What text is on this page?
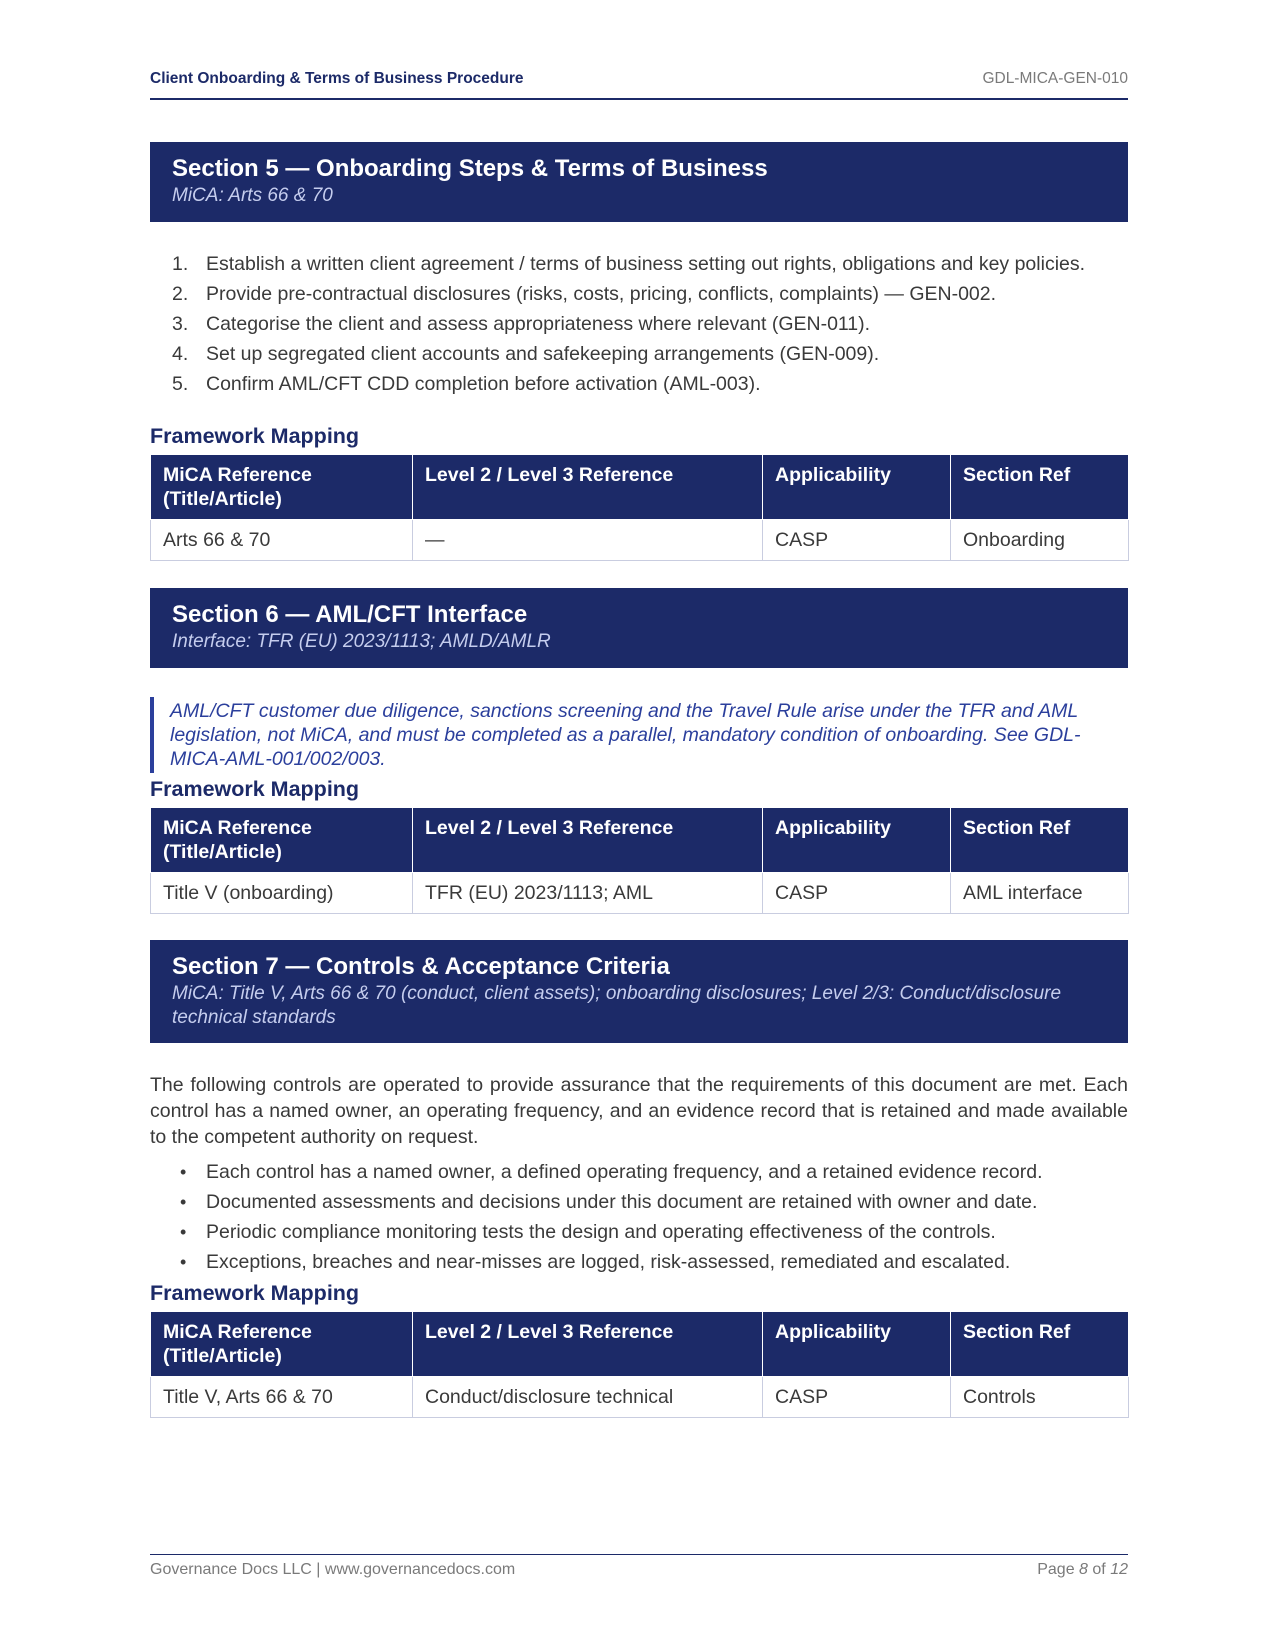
Client Onboarding & Terms of Business Procedure	GDL-MICA-GEN-010
Section 5 — Onboarding Steps & Terms of Business
MiCA: Arts 66 & 70
1. Establish a written client agreement / terms of business setting out rights, obligations and key policies.
2. Provide pre-contractual disclosures (risks, costs, pricing, conflicts, complaints) — GEN-002.
3. Categorise the client and assess appropriateness where relevant (GEN-011).
4. Set up segregated client accounts and safekeeping arrangements (GEN-009).
5. Confirm AML/CFT CDD completion before activation (AML-003).
Framework Mapping
MiCA Reference (Title/Article)	Level 2 / Level 3 Reference	Applicability	Section Ref
Arts 66 & 70	—	CASP	Onboarding
Section 6 — AML/CFT Interface
Interface: TFR (EU) 2023/1113; AMLD/AMLR
AML/CFT customer due diligence, sanctions screening and the Travel Rule arise under the TFR and AML legislation, not MiCA, and must be completed as a parallel, mandatory condition of onboarding. See GDL-MICA-AML-001/002/003.
Framework Mapping
MiCA Reference (Title/Article)	Level 2 / Level 3 Reference	Applicability	Section Ref
Title V (onboarding)	TFR (EU) 2023/1113; AML	CASP	AML interface
Section 7 — Controls & Acceptance Criteria
MiCA: Title V, Arts 66 & 70 (conduct, client assets); onboarding disclosures; Level 2/3: Conduct/disclosure technical standards

The following controls are operated to provide assurance that the requirements of this document are met. Each control has a named owner, an operating frequency, and an evidence record that is retained and made available to the competent authority on request.

• Each control has a named owner, a defined operating frequency, and a retained evidence record.
• Documented assessments and decisions under this document are retained with owner and date.
• Periodic compliance monitoring tests the design and operating effectiveness of the controls.
• Exceptions, breaches and near-misses are logged, risk-assessed, remediated and escalated.
Framework Mapping
MiCA Reference (Title/Article)	Level 2 / Level 3 Reference	Applicability	Section Ref
Title V, Arts 66 & 70	Conduct/disclosure technical	CASP	Controls
Governance Docs LLC | www.governancedocs.com	Page 8 of 12
